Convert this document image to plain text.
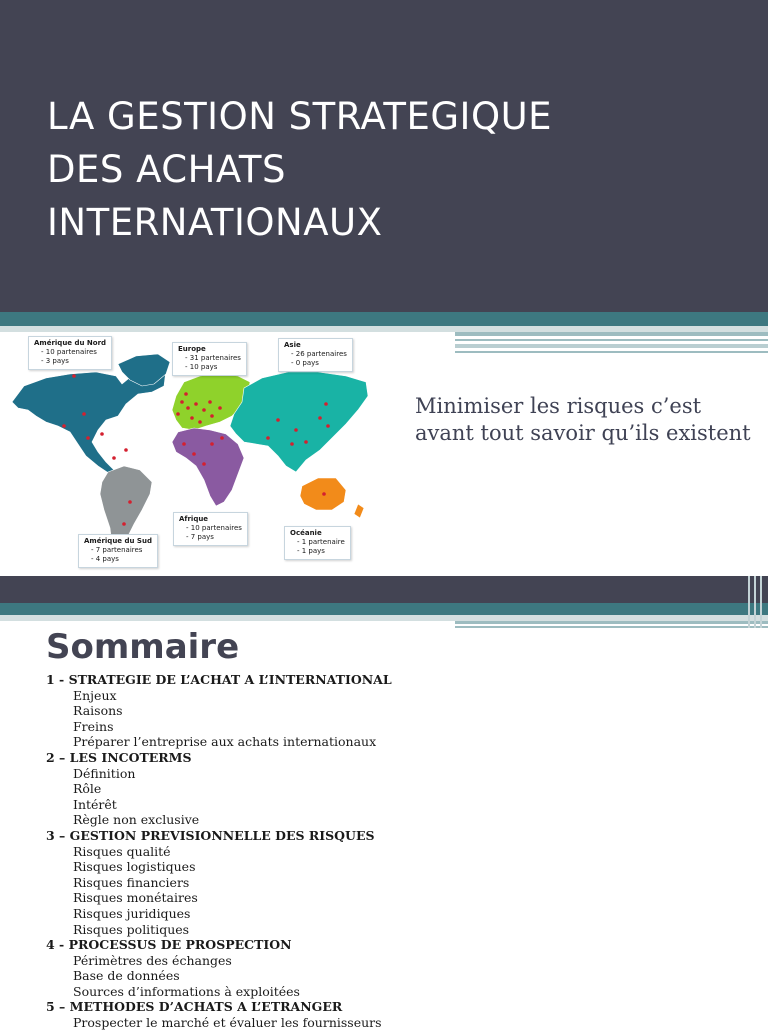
LA GESTION STRATEGIQUE
DES ACHATS
INTERNATIONAUX
Amérique du Nord
- 10 partenaires
- 3 pays
Europe
- 31 partenaires
- 10 pays
Asie
- 26 partenaires
- 0 pays
Amérique du Sud
- 7 partenaires
- 4 pays
Afrique
- 10 partenaires
- 7 pays	Océanie
- 1 partenaire
- 1 pays
Minimiser les risques c’est avant tout savoir qu’ils existent
Sommaire
1 - STRATEGIE DE L’ACHAT A L’INTERNATIONAL
Enjeux
Raisons
Freins
Préparer l’entreprise aux achats internationaux
2 – LES INCOTERMS
Définition
Rôle
Intérêt
Règle non exclusive
3 – GESTION PREVISIONNELLE DES RISQUES
Risques qualité
Risques logistiques
Risques financiers
Risques monétaires
Risques juridiques
Risques politiques
4 - PROCESSUS DE PROSPECTION
Périmètres des échanges
Base de données
Sources d’informations à exploitées
5 – METHODES D’ACHATS A L’ETRANGER
Prospecter le marché et évaluer les fournisseurs
